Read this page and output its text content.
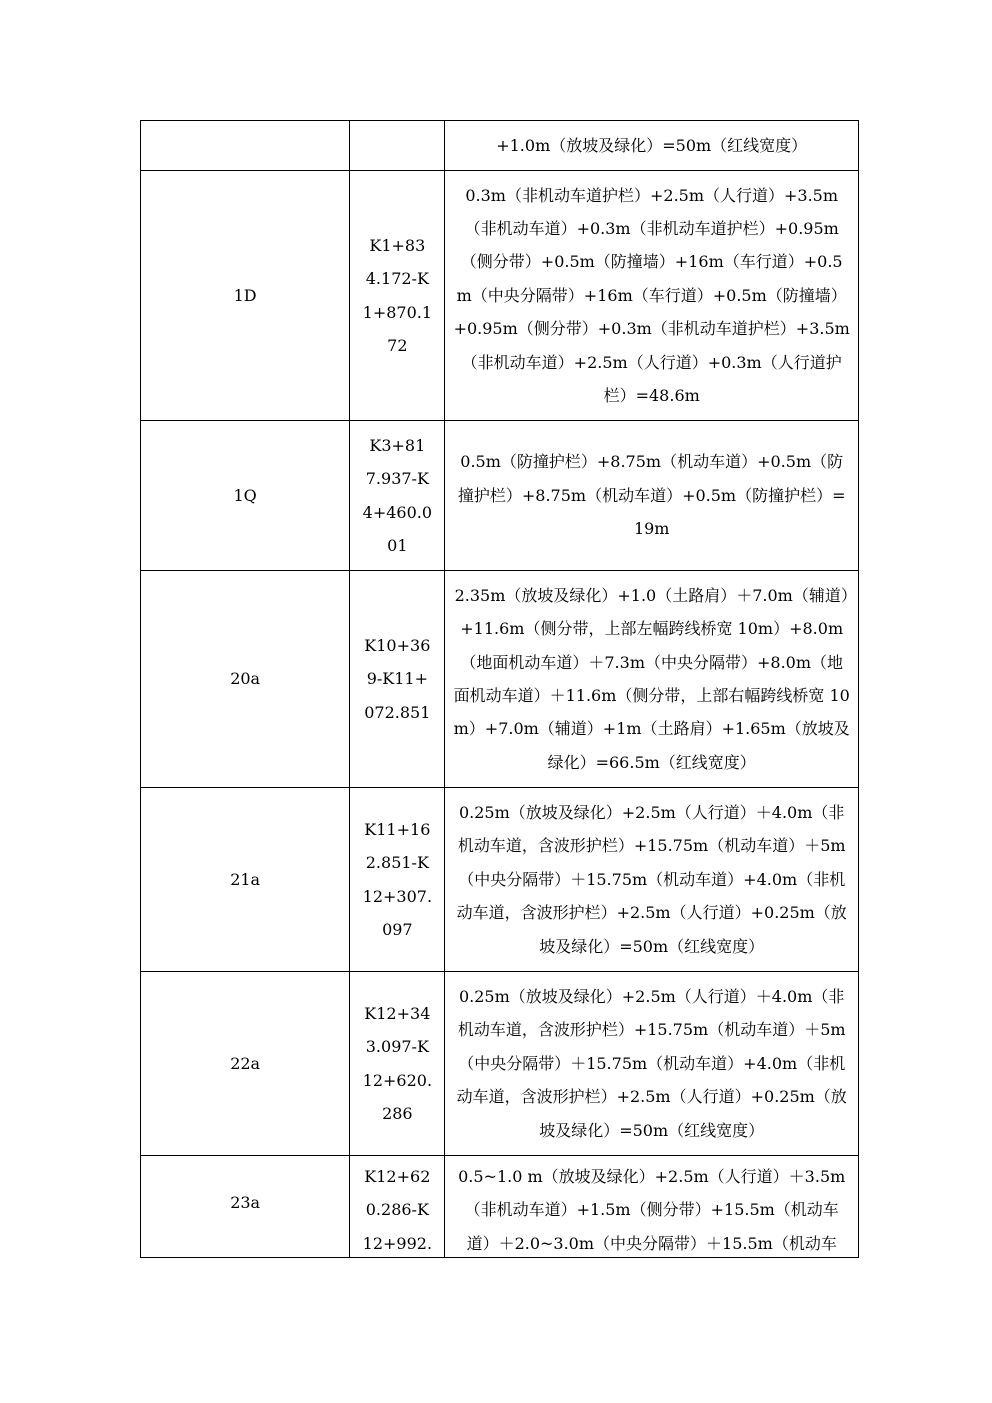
		+1.0m（放坡及绿化）=50m（红线宽度）
1D	K1+834.172-K1+870.172	0.3m（非机动车道护栏）+2.5m（人行道）+3.5m（非机动车道）+0.3m（非机动车道护栏）+0.95m（侧分带）+0.5m（防撞墙）+16m（车行道）+0.5m（中央分隔带）+16m（车行道）+0.5m（防撞墙）+0.95m（侧分带）+0.3m（非机动车道护栏）+3.5m（非机动车道）+2.5m（人行道）+0.3m（人行道护栏）=48.6m
1Q	K3+817.937-K4+460.001	0.5m（防撞护栏）+8.75m（机动车道）+0.5m（防撞护栏）+8.75m（机动车道）+0.5m（防撞护栏）=19m
20a	K10+369-K11+072.851	2.35m（放坡及绿化）+1.0（土路肩）＋7.0m（辅道）+11.6m（侧分带，上部左幅跨线桥宽 10m）+8.0m（地面机动车道）＋7.3m（中央分隔带）+8.0m（地面机动车道）＋11.6m（侧分带，上部右幅跨线桥宽 10m）+7.0m（辅道）+1m（土路肩）+1.65m（放坡及绿化）=66.5m（红线宽度）
21a	K11+162.851-K12+307.097	0.25m（放坡及绿化）+2.5m（人行道）＋4.0m（非机动车道，含波形护栏）+15.75m（机动车道）＋5m（中央分隔带）＋15.75m（机动车道）+4.0m（非机动车道，含波形护栏）+2.5m（人行道）+0.25m（放坡及绿化）=50m（红线宽度）
22a	K12+343.097-K12+620.286	0.25m（放坡及绿化）+2.5m（人行道）＋4.0m（非机动车道，含波形护栏）+15.75m（机动车道）＋5m（中央分隔带）＋15.75m（机动车道）+4.0m（非机动车道，含波形护栏）+2.5m（人行道）+0.25m（放坡及绿化）=50m（红线宽度）
23a	K12+620.286-K12+992.	0.5~1.0 m（放坡及绿化）+2.5m（人行道）＋3.5m（非机动车道）+1.5m（侧分带）+15.5m（机动车道）＋2.0~3.0m（中央分隔带）＋15.5m（机动车
